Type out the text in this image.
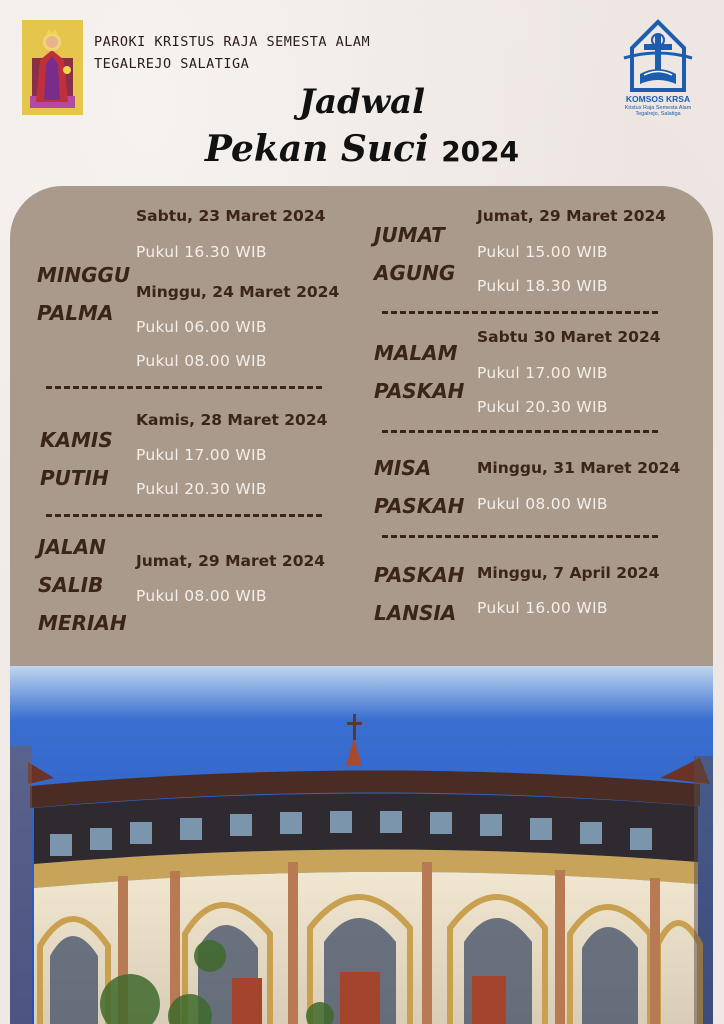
PAROKI KRISTUS RAJA SEMESTA ALAM
TEGALREJO SALATIGA
KOMSOS KRSA
Kristus Raja Semesta Alam
Tegalrejo, Salatiga
Jadwal
Pekan Suci 2024
MINGGU
PALMA
Sabtu, 23 Maret 2024
Pukul 16.30 WIB
Minggu, 24 Maret 2024
Pukul 06.00 WIB
Pukul 08.00 WIB
KAMIS
PUTIH
Kamis, 28 Maret 2024
Pukul 17.00 WIB
Pukul 20.30 WIB
JALAN
SALIB
MERIAH
Jumat, 29 Maret 2024
Pukul 08.00 WIB
JUMAT
AGUNG
Jumat, 29 Maret 2024
Pukul 15.00 WIB
Pukul 18.30 WIB
MALAM
PASKAH
Sabtu 30 Maret 2024
Pukul 17.00 WIB
Pukul 20.30 WIB
MISA
PASKAH
Minggu, 31 Maret 2024
Pukul 08.00 WIB
PASKAH
LANSIA
Minggu, 7 April 2024
Pukul 16.00 WIB
